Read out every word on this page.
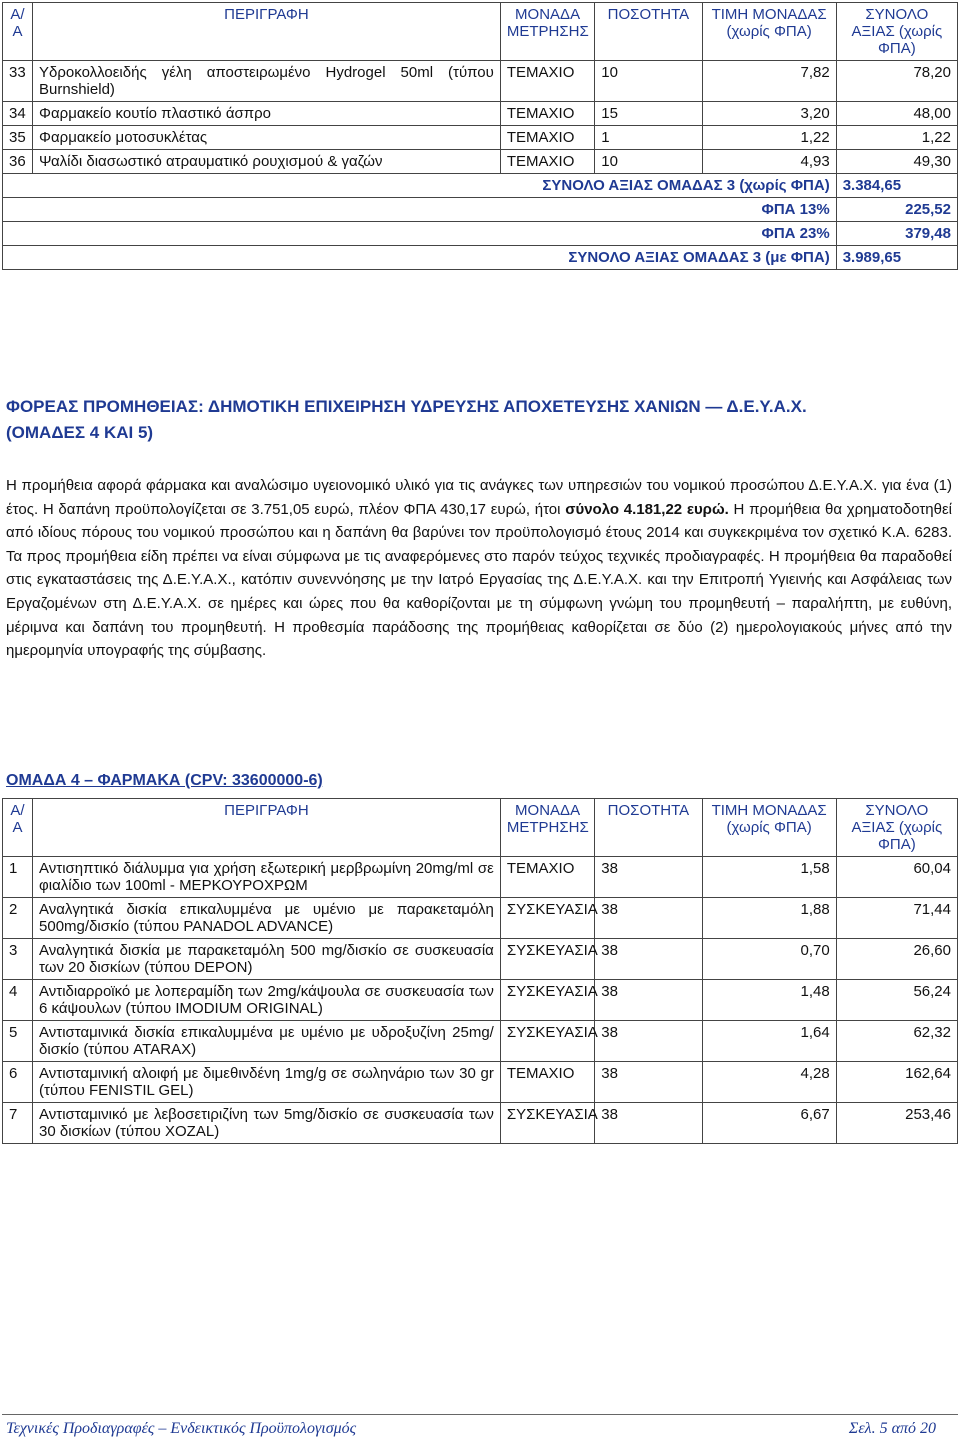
Α/Α	ΠΕΡΙΓΡΑΦΗ	ΜΟΝΑΔΑ ΜΕΤΡΗΣΗΣ	ΠΟΣΟΤΗΤΑ	ΤΙΜΗ ΜΟΝΑΔΑΣ (χωρίς ΦΠΑ)	ΣΥΝΟΛΟ ΑΞΙΑΣ (χωρίς ΦΠΑ)
33	Υδροκολλοειδής γέλη αποστειρωμένο Hydrogel 50ml (τύπου Burnshield)	ΤΕΜΑΧΙΟ	10	7,82	78,20
34	Φαρμακείο κουτίο πλαστικό άσπρο	ΤΕΜΑΧΙΟ	15	3,20	48,00
35	Φαρμακείο μοτοσυκλέτας	ΤΕΜΑΧΙΟ	1	1,22	1,22
36	Ψαλίδι διασωστικό ατραυματικό ρουχισμού & γαζών	ΤΕΜΑΧΙΟ	10	4,93	49,30
ΣΥΝΟΛΟ ΑΞΙΑΣ ΟΜΑΔΑΣ 3 (χωρίς ΦΠΑ)					3.384,65
ΦΠΑ 13%					225,52
ΦΠΑ 23%					379,48
ΣΥΝΟΛΟ ΑΞΙΑΣ ΟΜΑΔΑΣ 3 (με ΦΠΑ)					3.989,65
ΦΟΡΕΑΣ ΠΡΟΜΗΘΕΙΑΣ: ΔΗΜΟΤΙΚΗ ΕΠΙΧΕΙΡΗΣΗ ΥΔΡΕΥΣΗΣ ΑΠΟΧΕΤΕΥΣΗΣ ΧΑΝΙΩΝ — Δ.Ε.Υ.Α.Χ.
(ΟΜΑΔΕΣ 4 ΚΑΙ 5)
Η προμήθεια αφορά φάρμακα και αναλώσιμο υγειονομικό υλικό για τις ανάγκες των υπηρεσιών του νομικού προσώπου Δ.Ε.Υ.Α.Χ. για ένα (1) έτος. Η δαπάνη προϋπολογίζεται σε 3.751,05 ευρώ, πλέον ΦΠΑ 430,17 ευρώ, ήτοι σύνολο 4.181,22 ευρώ. Η προμήθεια θα χρηματοδοτηθεί από ιδίους πόρους του νομικού προσώπου και η δαπάνη θα βαρύνει τον προϋπολογισμό έτους 2014 και συγκεκριμένα τον σχετικό Κ.Α. 6283. Τα προς προμήθεια είδη πρέπει να είναι σύμφωνα με τις αναφερόμενες στο παρόν τεύχος τεχνικές προδιαγραφές. Η προμήθεια θα παραδοθεί στις εγκαταστάσεις της Δ.Ε.Υ.Α.Χ., κατόπιν συνεννόησης με την Ιατρό Εργασίας της Δ.Ε.Υ.Α.Χ. και την Επιτροπή Υγιεινής και Ασφάλειας των Εργαζομένων στη Δ.Ε.Υ.Α.Χ. σε ημέρες και ώρες που θα καθορίζονται με τη σύμφωνη γνώμη του προμηθευτή – παραλήπτη, με ευθύνη, μέριμνα και δαπάνη του προμηθευτή. Η προθεσμία παράδοσης της προμήθειας καθορίζεται σε δύο (2) ημερολογιακούς μήνες από την ημερομηνία υπογραφής της σύμβασης.
ΟΜΑΔΑ 4 – ΦΑΡΜΑΚΑ (CPV: 33600000-6)
Α/Α	ΠΕΡΙΓΡΑΦΗ	ΜΟΝΑΔΑ ΜΕΤΡΗΣΗΣ	ΠΟΣΟΤΗΤΑ	ΤΙΜΗ ΜΟΝΑΔΑΣ (χωρίς ΦΠΑ)	ΣΥΝΟΛΟ ΑΞΙΑΣ (χωρίς ΦΠΑ)
1	Αντισηπτικό διάλυμμα για χρήση εξωτερική μερβρωμίνη 20mg/ml σε φιαλίδιο των 100ml - ΜΕΡΚΟΥΡΟΧΡΩΜ	ΤΕΜΑΧΙΟ	38	1,58	60,04
2	Αναλγητικά δισκία επικαλυμμένα με υμένιο με παρακεταμόλη 500mg/δισκίο (τύπου PANADOL ADVANCE)	ΣΥΣΚΕΥΑΣΙΑ	38	1,88	71,44
3	Αναλγητικά δισκία με παρακεταμόλη 500 mg/δισκίο σε συσκευασία των 20 δισκίων (τύπου DEPON)	ΣΥΣΚΕΥΑΣΙΑ	38	0,70	26,60
4	Αντιδιαρροϊκό με λοπεραμίδη των 2mg/κάψουλα σε συσκευασία των 6 κάψουλων (τύπου IMODIUM ORIGINAL)	ΣΥΣΚΕΥΑΣΙΑ	38	1,48	56,24
5	Αντισταμινικά δισκία επικαλυμμένα με υμένιο με υδροξυζίνη 25mg/δισκίο (τύπου ATARAX)	ΣΥΣΚΕΥΑΣΙΑ	38	1,64	62,32
6	Αντισταμινική αλοιφή με διμεθινδένη 1mg/g σε σωληνάριο των 30 gr (τύπου FENISTIL GEL)	ΤΕΜΑΧΙΟ	38	4,28	162,64
7	Αντισταμινικό με λεβοσετιριζίνη των 5mg/δισκίο σε συσκευασία των 30 δισκίων (τύπου XOZAL)	ΣΥΣΚΕΥΑΣΙΑ	38	6,67	253,46
Τεχνικές Προδιαγραφές – Ενδεικτικός Προϋπολογισμός	Σελ. 5 από 20
